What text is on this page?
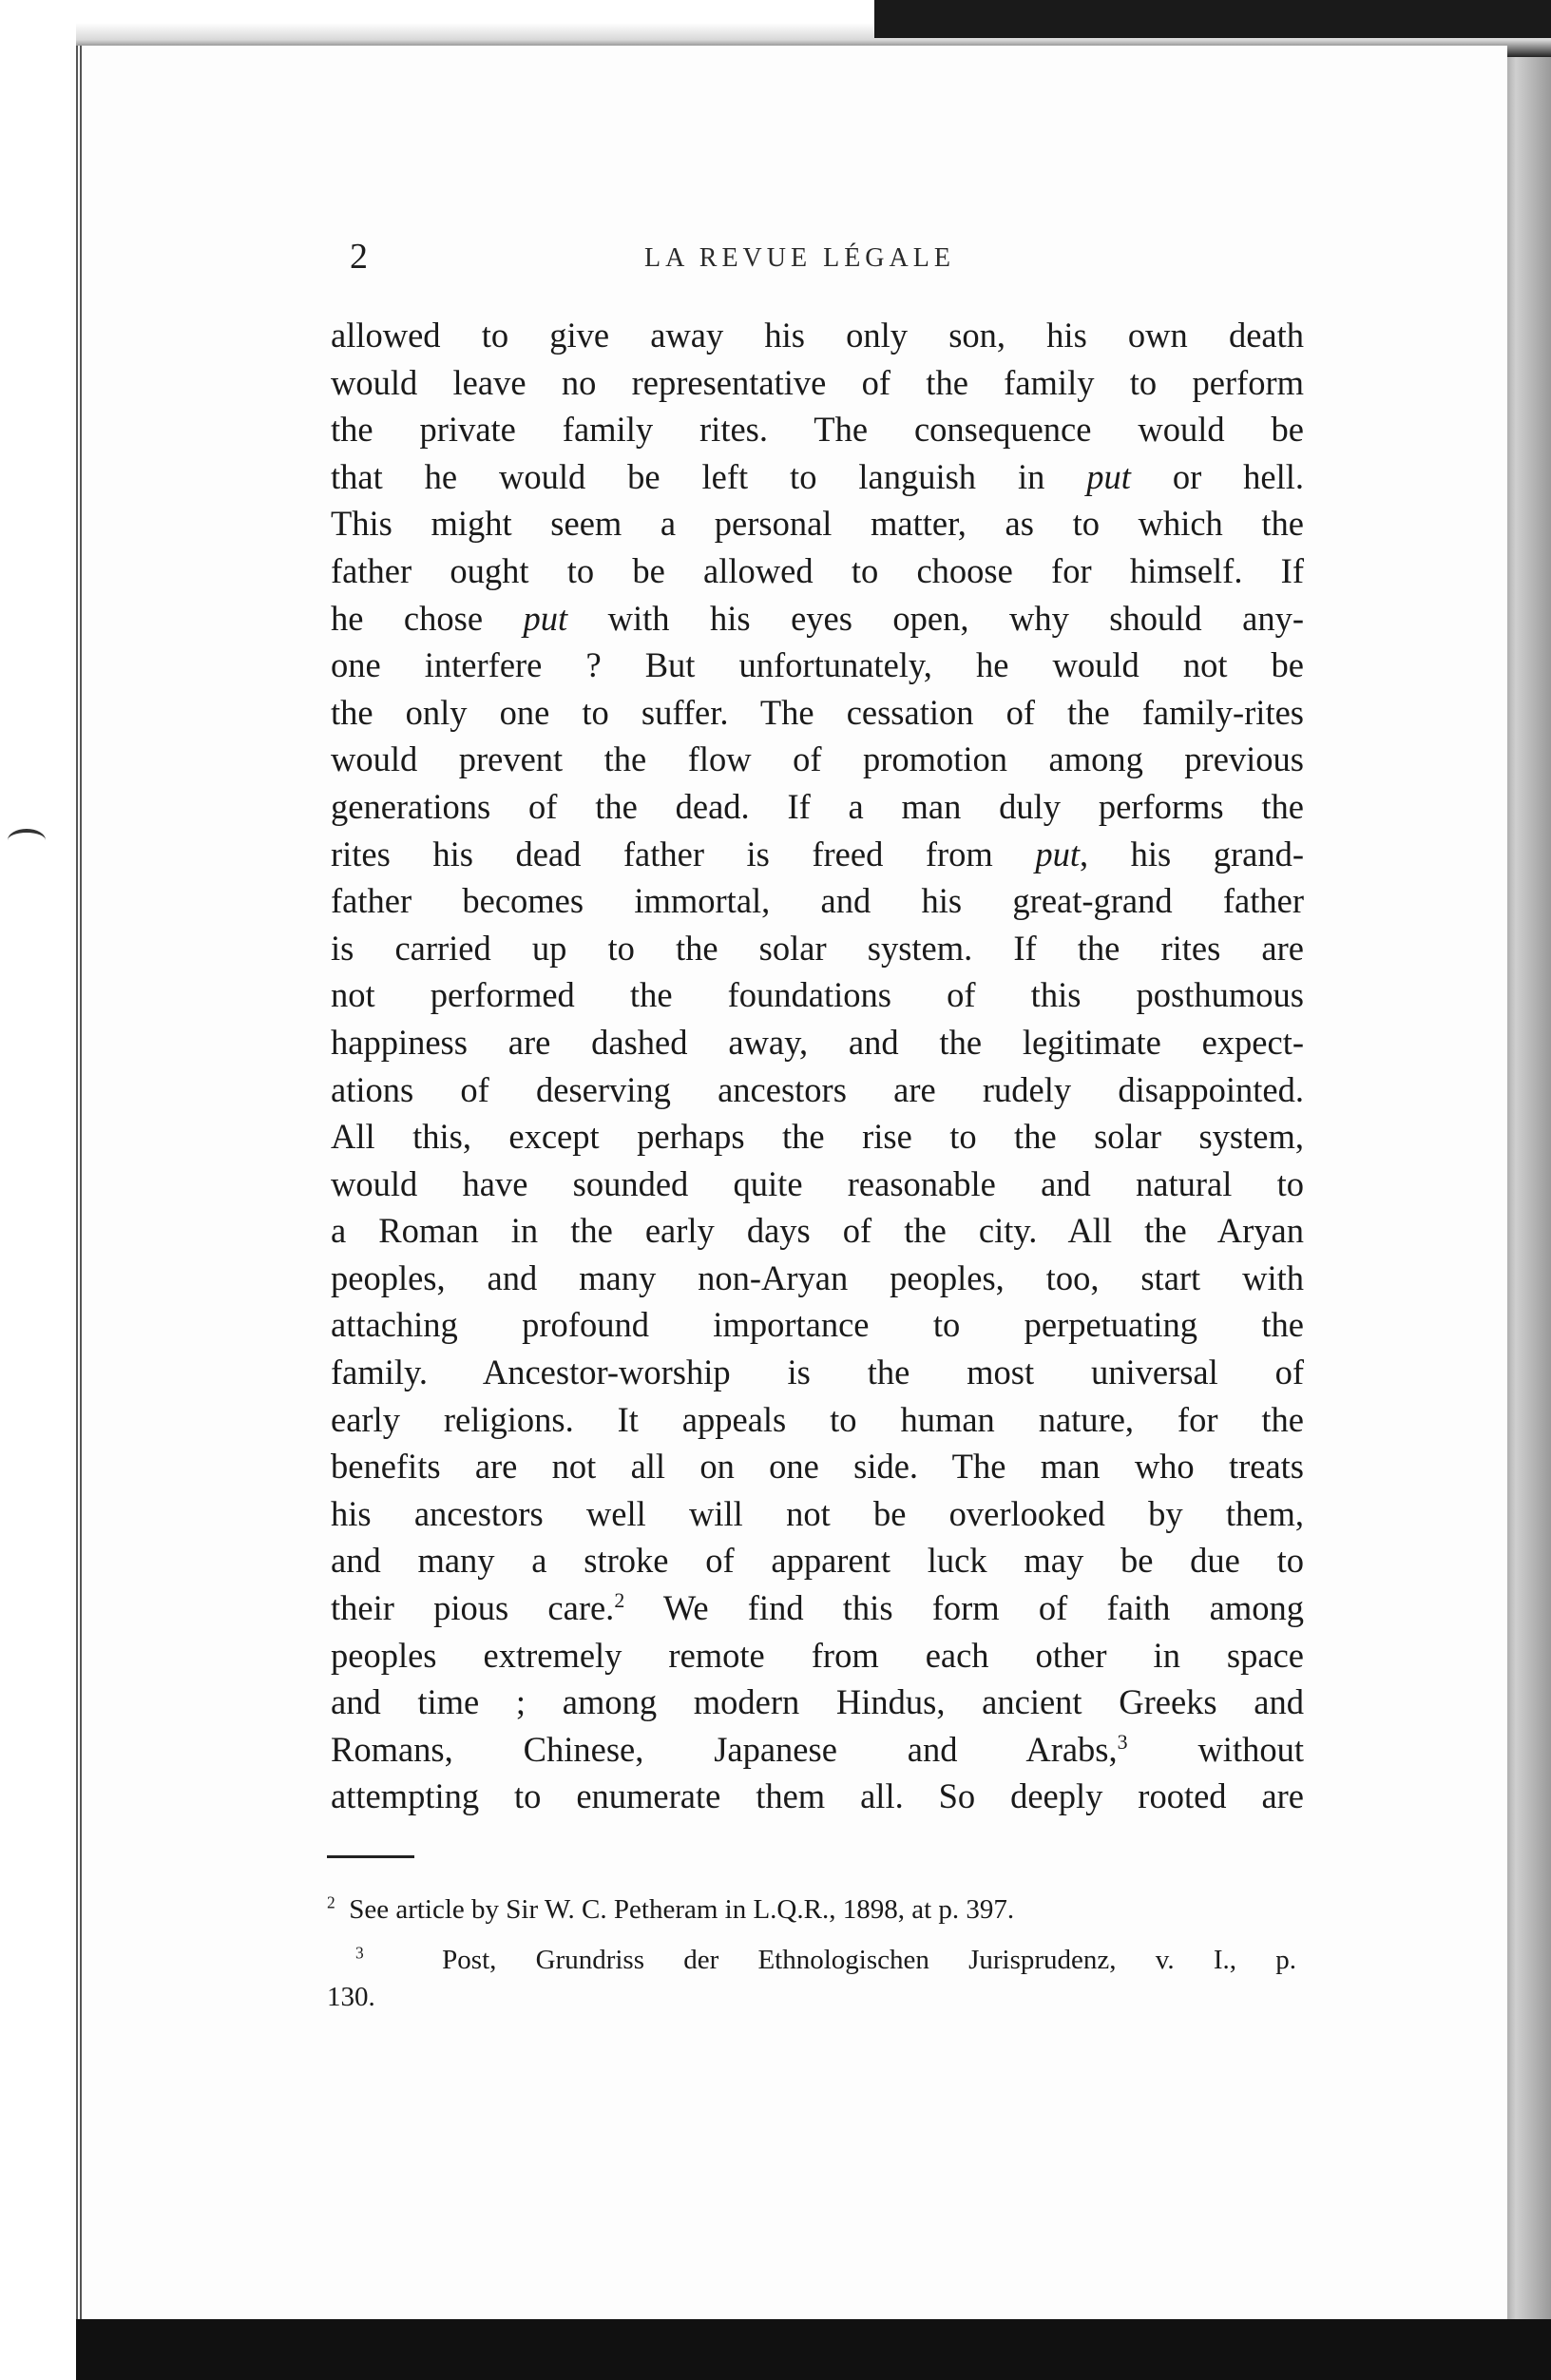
2	LA REVUE LÉGALE
allowed to give away his only son, his own death
would leave no representative of the family to perform
the private family rites. The consequence would be
that he would be left to languish in put or hell.
This might seem a personal matter, as to which the
father ought to be allowed to choose for himself. If
he chose put with his eyes open, why should any-
one interfere ? But unfortunately, he would not be
the only one to suffer. The cessation of the family-rites
would prevent the flow of promotion among previous
generations of the dead. If a man duly performs the
rites his dead father is freed from put, his grand-
father becomes immortal, and his great-grand father
is carried up to the solar system. If the rites are
not performed the foundations of this posthumous
happiness are dashed away, and the legitimate expect-
ations of deserving ancestors are rudely disappointed.
All this, except perhaps the rise to the solar system,
would have sounded quite reasonable and natural to
a Roman in the early days of the city. All the Aryan
peoples, and many non-Aryan peoples, too, start with
attaching profound importance to perpetuating the
family. Ancestor-worship is the most universal of
early religions. It appeals to human nature, for the
benefits are not all on one side. The man who treats
his ancestors well will not be overlooked by them,
and many a stroke of apparent luck may be due to
their pious care.$^2$ We find this form of faith among
peoples extremely remote from each other in space
and time ; among modern Hindus, ancient Greeks and
Romans, Chinese, Japanese and Arabs,$^3$ without
attempting to enumerate them all. So deeply rooted are
$^2$ See article by Sir W. C. Petheram in L.Q.R., 1898, at p. 397.
$^3$	Post, Grundriss der Ethnologischen Jurisprudenz, v. I., p.
130.
